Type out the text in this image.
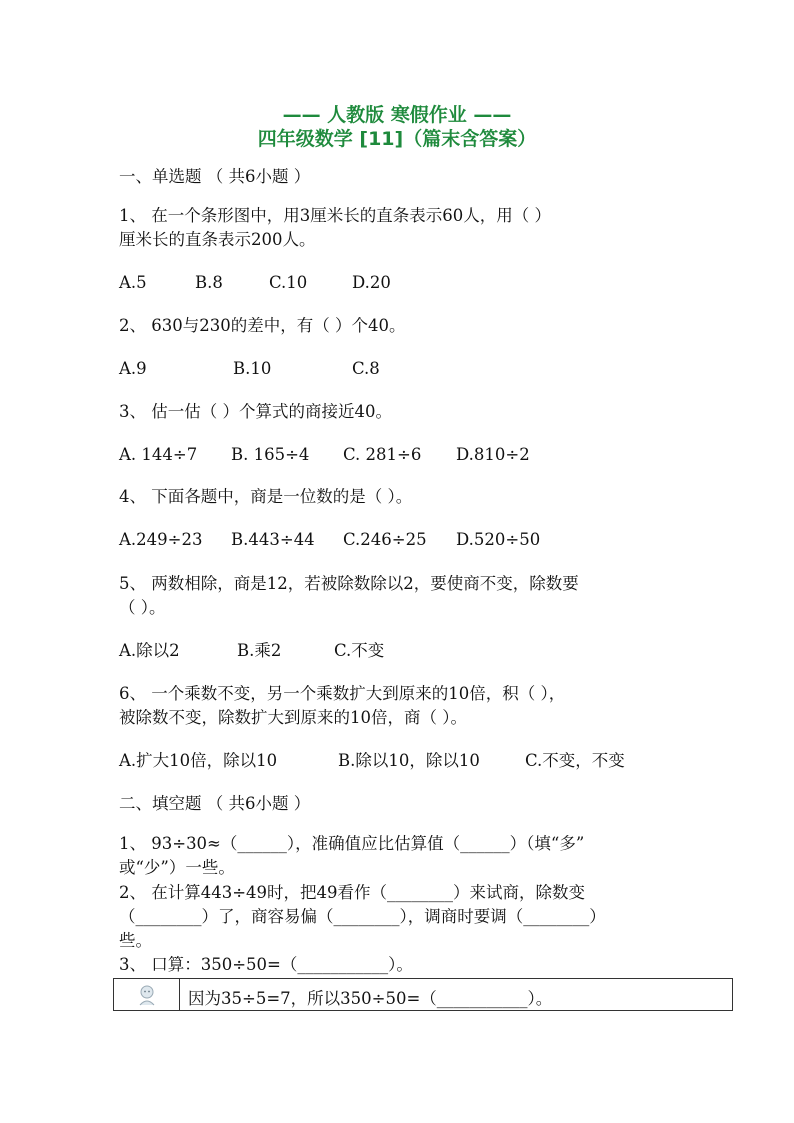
—— 人教版 寒假作业 ——
四年级数学 [11]（篇末含答案）
一、单选题 （ 共6小题 ）
1、 在一个条形图中，用3厘米长的直条表示60人，用（ ）
厘米长的直条表示200人。
A.5	B.8	C.10	D.20
2、 630与230的差中，有（ ）个40。
A.9	B.10	C.8
3、 估一估（ ）个算式的商接近40。
A. 144÷7 B. 165÷4 C. 281÷6 D.810÷2
4、 下面各题中，商是一位数的是（ ）。
A.249÷23 B.443÷44 C.246÷25 D.520÷50
5、 两数相除，商是12，若被除数除以2，要使商不变，除数要
（ ）。
A.除以2	B.乘2	C.不变
6、 一个乘数不变，另一个乘数扩大到原来的10倍，积（ ），
被除数不变，除数扩大到原来的10倍，商（ ）。
A.扩大10倍，除以10	B.除以10，除以10	C.不变，不变
二、填空题 （ 共6小题 ）
1、 93÷30≈（______），准确值应比估算值（______）（填“多”
或“少”）一些。
2、 在计算443÷49时，把49看作（________）来试商，除数变
（________）了，商容易偏（________），调商时要调（________）
些。
3、 口算：350÷50=（___________）。
因为35÷5=7，所以350÷50=（___________）。
